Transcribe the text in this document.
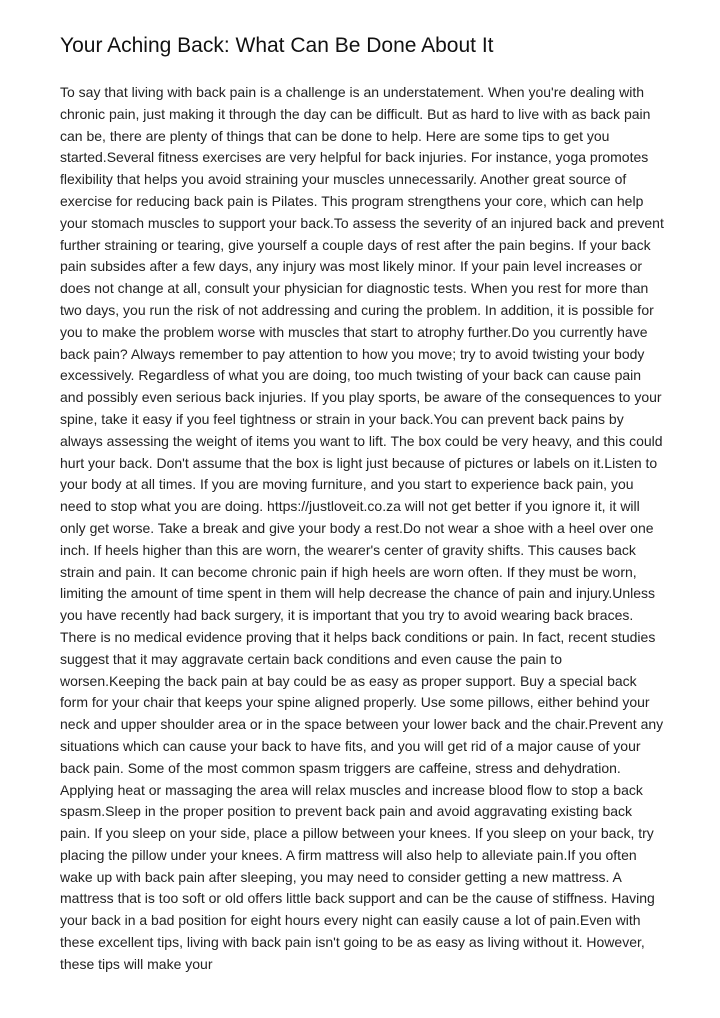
Your Aching Back: What Can Be Done About It

To say that living with back pain is a challenge is an understatement. When you're dealing with chronic pain, just making it through the day can be difficult. But as hard to live with as back pain can be, there are plenty of things that can be done to help. Here are some tips to get you started.Several fitness exercises are very helpful for back injuries. For instance, yoga promotes flexibility that helps you avoid straining your muscles unnecessarily. Another great source of exercise for reducing back pain is Pilates. This program strengthens your core, which can help your stomach muscles to support your back.To assess the severity of an injured back and prevent further straining or tearing, give yourself a couple days of rest after the pain begins. If your back pain subsides after a few days, any injury was most likely minor. If your pain level increases or does not change at all, consult your physician for diagnostic tests. When you rest for more than two days, you run the risk of not addressing and curing the problem. In addition, it is possible for you to make the problem worse with muscles that start to atrophy further.Do you currently have back pain? Always remember to pay attention to how you move; try to avoid twisting your body excessively. Regardless of what you are doing, too much twisting of your back can cause pain and possibly even serious back injuries. If you play sports, be aware of the consequences to your spine, take it easy if you feel tightness or strain in your back.You can prevent back pains by always assessing the weight of items you want to lift. The box could be very heavy, and this could hurt your back. Don't assume that the box is light just because of pictures or labels on it.Listen to your body at all times. If you are moving furniture, and you start to experience back pain, you need to stop what you are doing. https://justloveit.co.za will not get better if you ignore it, it will only get worse. Take a break and give your body a rest.Do not wear a shoe with a heel over one inch. If heels higher than this are worn, the wearer's center of gravity shifts. This causes back strain and pain. It can become chronic pain if high heels are worn often. If they must be worn, limiting the amount of time spent in them will help decrease the chance of pain and injury.Unless you have recently had back surgery, it is important that you try to avoid wearing back braces. There is no medical evidence proving that it helps back conditions or pain. In fact, recent studies suggest that it may aggravate certain back conditions and even cause the pain to worsen.Keeping the back pain at bay could be as easy as proper support. Buy a special back form for your chair that keeps your spine aligned properly. Use some pillows, either behind your neck and upper shoulder area or in the space between your lower back and the chair.Prevent any situations which can cause your back to have fits, and you will get rid of a major cause of your back pain. Some of the most common spasm triggers are caffeine, stress and dehydration. Applying heat or massaging the area will relax muscles and increase blood flow to stop a back spasm.Sleep in the proper position to prevent back pain and avoid aggravating existing back pain. If you sleep on your side, place a pillow between your knees. If you sleep on your back, try placing the pillow under your knees. A firm mattress will also help to alleviate pain.If you often wake up with back pain after sleeping, you may need to consider getting a new mattress. A mattress that is too soft or old offers little back support and can be the cause of stiffness. Having your back in a bad position for eight hours every night can easily cause a lot of pain.Even with these excellent tips, living with back pain isn't going to be as easy as living without it. However, these tips will make your
